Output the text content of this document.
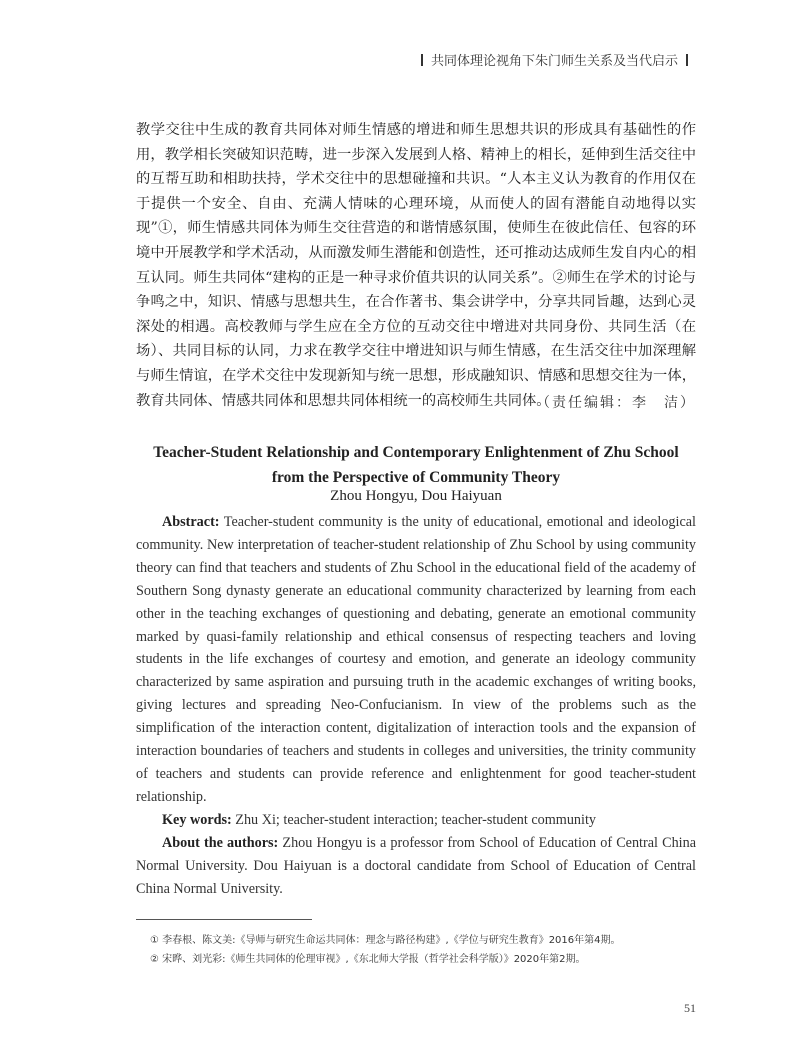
共同体理论视角下朱门师生关系及当代启示

教学交往中生成的教育共同体对师生情感的增进和师生思想共识的形成具有基础性的作用，教学相长突破知识范畴，进一步深入发展到人格、精神上的相长，延伸到生活交往中的互帮互助和相助扶持，学术交往中的思想碰撞和共识。“人本主义认为教育的作用仅在于提供一个安全、自由、充满人情味的心理环境，从而使人的固有潜能自动地得以实现”①，师生情感共同体为师生交往营造的和谐情感氛围，使师生在彼此信任、包容的环境中开展教学和学术活动，从而激发师生潜能和创造性，还可推动达成师生发自内心的相互认同。师生共同体“建构的正是一种寻求价值共识的认同关系”。②师生在学术的讨论与争鸣之中，知识、情感与思想共生，在合作著书、集会讲学中，分享共同旨趣，达到心灵深处的相遇。高校教师与学生应在全方位的互动交往中增进对共同身份、共同生活（在场）、共同目标的认同，力求在教学交往中增进知识与师生情感，在生活交往中加深理解与师生情谊，在学术交往中发现新知与统一思想，形成融知识、情感和思想交往为一体，教育共同体、情感共同体和思想共同体相统一的高校师生共同体。

（责任编辑：李　洁）
Teacher-Student Relationship and Contemporary Enlightenment of Zhu School
from the Perspective of Community Theory
Zhou Hongyu, Dou Haiyuan

Abstract: Teacher-student community is the unity of educational, emotional and ideological community. New interpretation of teacher-student relationship of Zhu School by using community theory can find that teachers and students of Zhu School in the educational field of the academy of Southern Song dynasty generate an educational community characterized by learning from each other in the teaching exchanges of questioning and debating, generate an emotional community marked by quasi-family relationship and ethical consensus of respecting teachers and loving students in the life exchanges of courtesy and emotion, and generate an ideology community characterized by same aspiration and pursuing truth in the academic exchanges of writing books, giving lectures and spreading Neo-Confucianism. In view of the problems such as the simplification of the interaction content, digitalization of interaction tools and the expansion of interaction boundaries of teachers and students in colleges and universities, the trinity community of teachers and students can provide reference and enlightenment for good teacher-student relationship.

Key words: Zhu Xi; teacher-student interaction; teacher-student community

About the authors: Zhou Hongyu is a professor from School of Education of Central China Normal University. Dou Haiyuan is a doctoral candidate from School of Education of Central China Normal University.

① 李春根、陈文美:《导师与研究生命运共同体：理念与路径构建》,《学位与研究生教育》2016年第4期。
② 宋晔、刘光彩:《师生共同体的伦理审视》,《东北师大学报（哲学社会科学版）》2020年第2期。
51
